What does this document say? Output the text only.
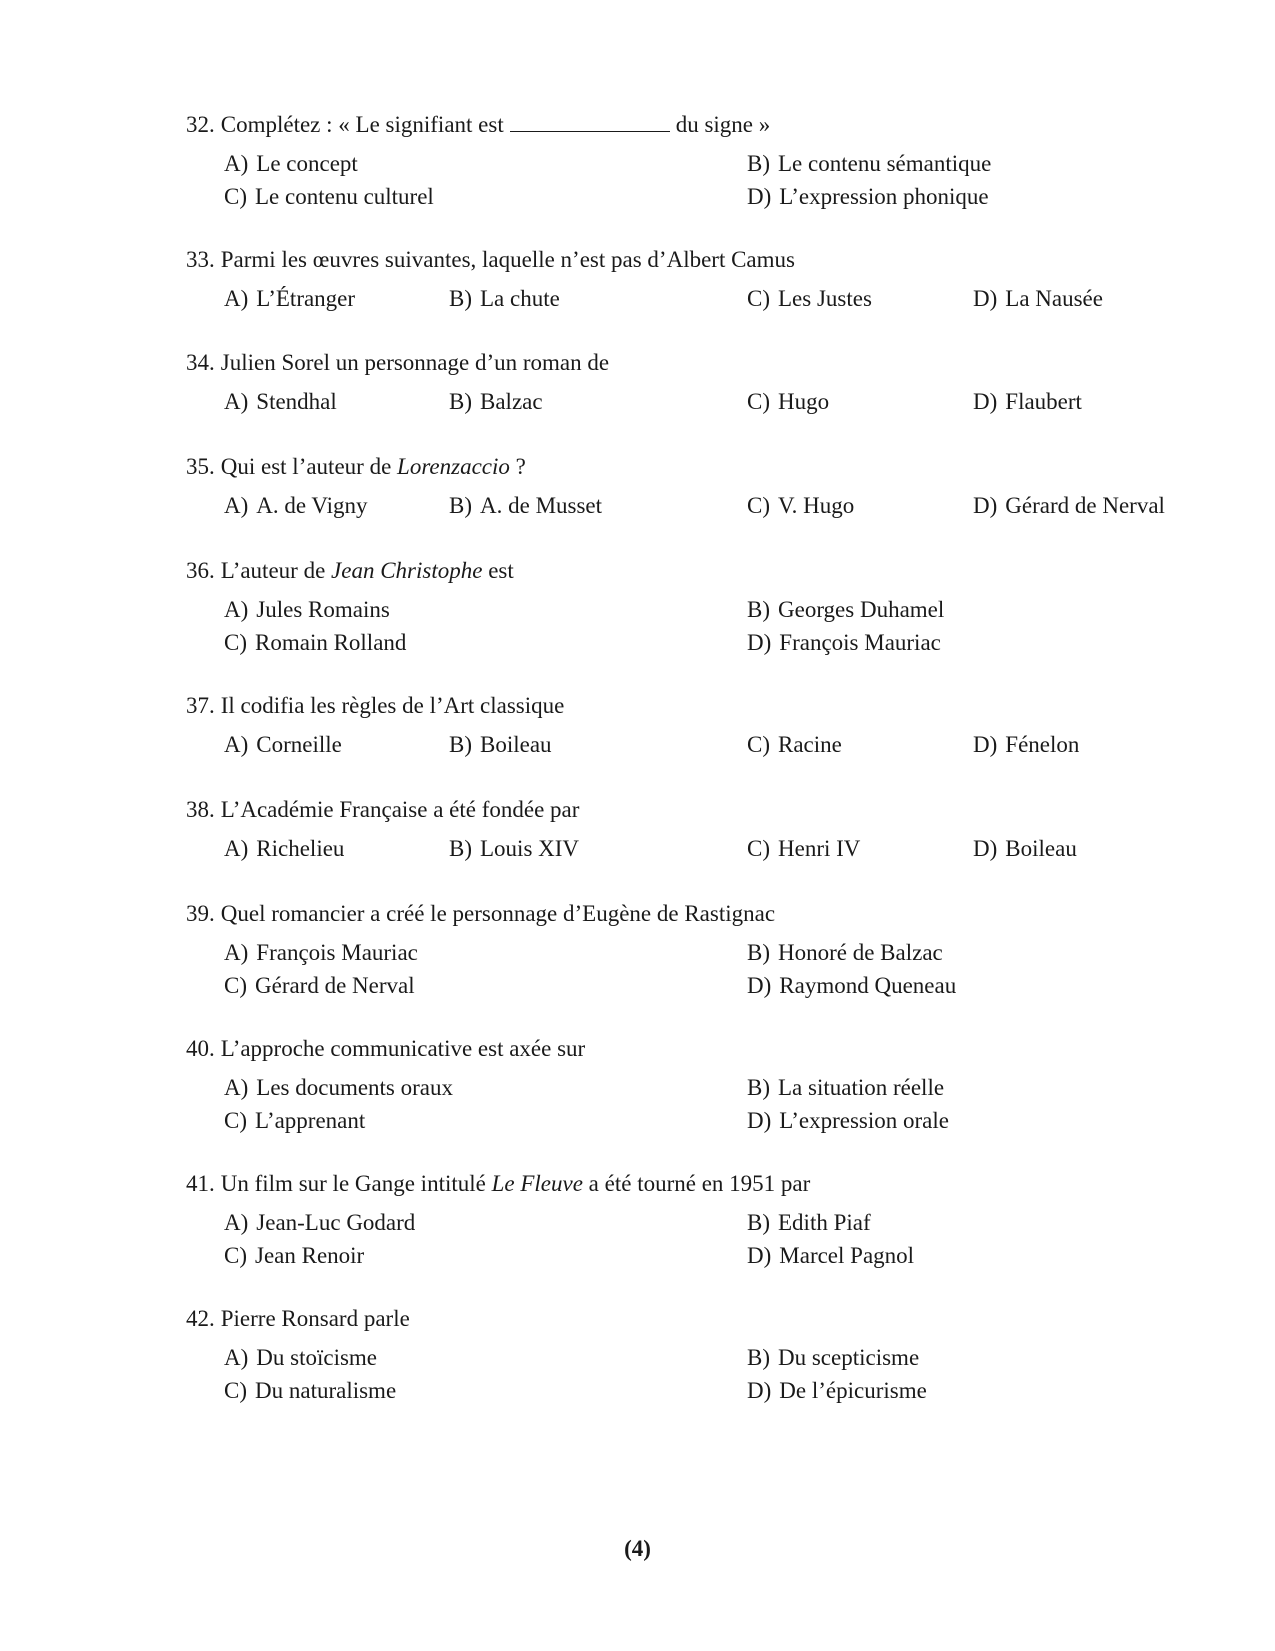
32. Complétez : « Le signifiant est	du signe »
A) Le concept	B) Le contenu sémantique
C) Le contenu culturel	D) L’expression phonique
33. Parmi les œuvres suivantes, laquelle n’est pas d’Albert Camus
A) L’Étranger	B) La chute	C) Les Justes	D) La Nausée
34. Julien Sorel un personnage d’un roman de
A) Stendhal	B) Balzac	C) Hugo	D) Flaubert
35. Qui est l’auteur de Lorenzaccio ?
A) A. de Vigny	B) A. de Musset	C) V. Hugo	D) Gérard de Nerval
36. L’auteur de Jean Christophe est
A) Jules Romains	B) Georges Duhamel
C) Romain Rolland	D) François Mauriac
37. Il codifia les règles de l’Art classique
A) Corneille	B) Boileau	C) Racine	D) Fénelon
38. L’Académie Française a été fondée par
A) Richelieu	B) Louis XIV	C) Henri IV	D) Boileau
39. Quel romancier a créé le personnage d’Eugène de Rastignac
A) François Mauriac	B) Honoré de Balzac
C) Gérard de Nerval	D) Raymond Queneau
40. L’approche communicative est axée sur
A) Les documents oraux	B) La situation réelle
C) L’apprenant	D) L’expression orale
41. Un film sur le Gange intitulé Le Fleuve a été tourné en 1951 par
A) Jean-Luc Godard	B) Edith Piaf
C) Jean Renoir	D) Marcel Pagnol
42. Pierre Ronsard parle
A) Du stoïcisme	B) Du scepticisme
C) Du naturalisme	D) De l’épicurisme
(4)
